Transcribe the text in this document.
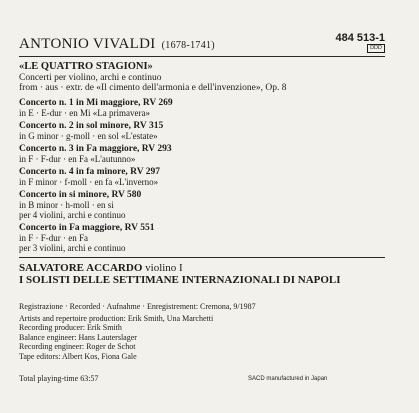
ANTONIO VIVALDI (1678-1741)
484 513-1
DDD
«LE QUATTRO STAGIONI»
Concerti per violino, archi e continuo
from · aus · extr. de «Il cimento dell'armonia e dell'invenzione», Op. 8
Concerto n. 1 in Mi maggiore, RV 269
in E · E-dur · en Mi «La primavera»
Concerto n. 2 in sol minore, RV 315
in G minor · g-moll · en sol «L'estate»
Concerto n. 3 in Fa maggiore, RV 293
in F · F-dur · en Fa «L'autunno»
Concerto n. 4 in fa minore, RV 297
in F minor · f-moll · en fa «L'inverno»
Concerto in si minore, RV 580
in B minor · h-moll · en si
per 4 violini, archi e continuo
Concerto in Fa maggiore, RV 551
in F · F-dur · en Fa
per 3 violini, archi e continuo
SALVATORE ACCARDO violino I
I SOLISTI DELLE SETTIMANE INTERNAZIONALI DI NAPOLI
Registrazione · Recorded · Aufnahme · Enregistrement: Cremona, 9/1987
Artists and repertoire production: Erik Smith, Una Marchetti
Recording producer: Erik Smith
Balance engineer: Hans Lauterslager
Recording engineer: Roger de Schot
Tape editors: Albert Kos, Fiona Gale
Total playing-time 63:57	SACD manufactured in Japan
